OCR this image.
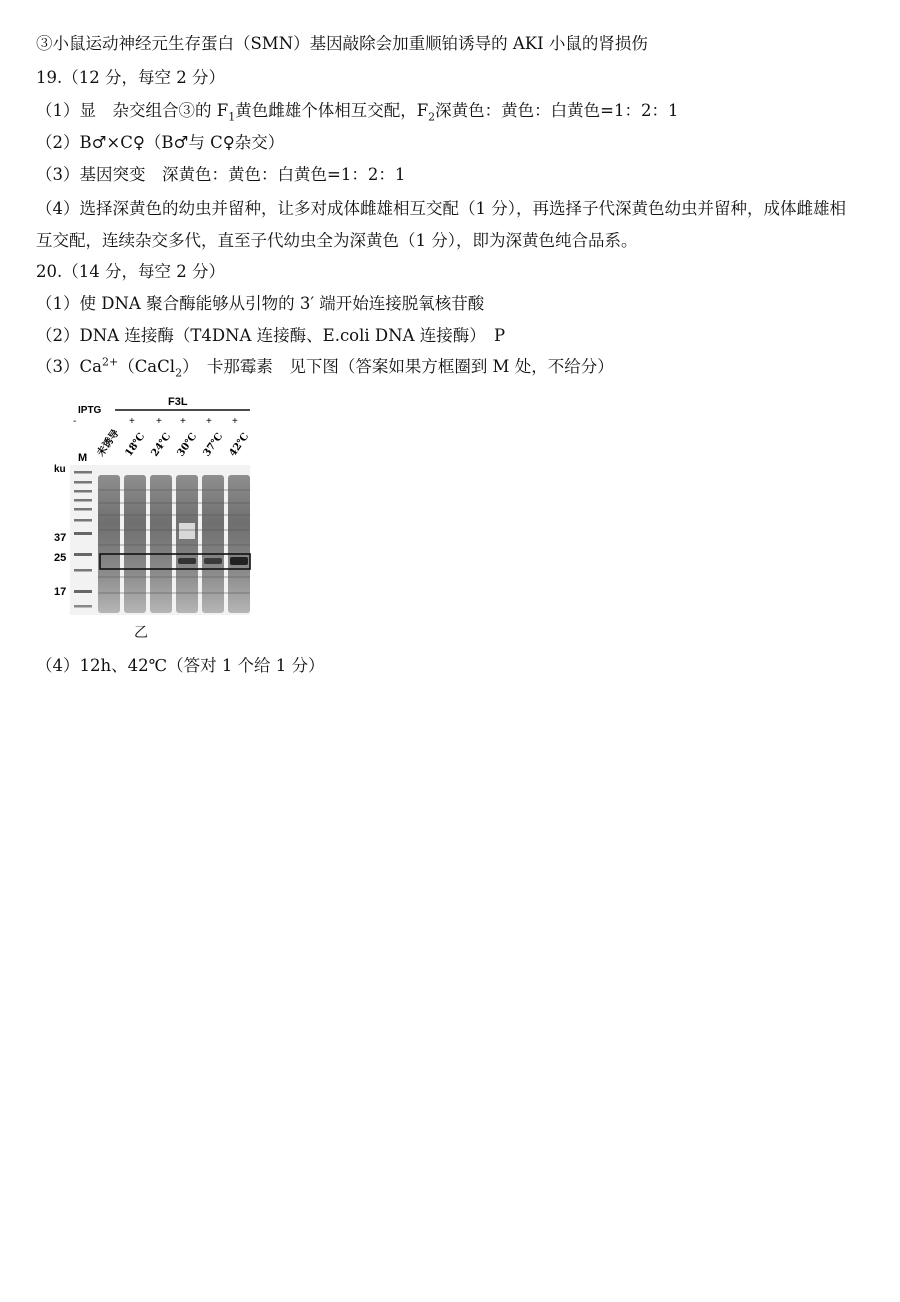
③小鼠运动神经元生存蛋白（SMN）基因敲除会加重顺铂诱导的 AKI 小鼠的肾损伤
19.（12 分，每空 2 分）
（1）显　杂交组合③的 $F_1$黄色雌雄个体相互交配，$F_2$深黄色：黄色：白黄色=1：2：1
（2）B♂×C♀（B♂与 C♀杂交）
（3）基因突变　深黄色：黄色：白黄色=1：2：1
（4）选择深黄色的幼虫并留种，让多对成体雌雄相互交配（1 分），再选择子代深黄色幼虫并留种，成体雌雄相互交配，连续杂交多代，直至子代幼虫全为深黄色（1 分），即为深黄色纯合品系。
20.（14 分，每空 2 分）
（1）使 DNA 聚合酶能够从引物的 3′ 端开始连接脱氧核苷酸
（2）DNA 连接酶（T4DNA 连接酶、E.coli DNA 连接酶）　P
$(3)Ca^{2+}(CaCl_2)$　卡那霉素　见下图（答案如果方框圈到 M 处，不给分）
IPTG
F3L
-	+ + + + +
M
ku
未诱导 18℃ 24℃ 30℃ 37℃ 42℃
37
25
17
乙
（4）12h、42℃（答对 1 个给 1 分）
